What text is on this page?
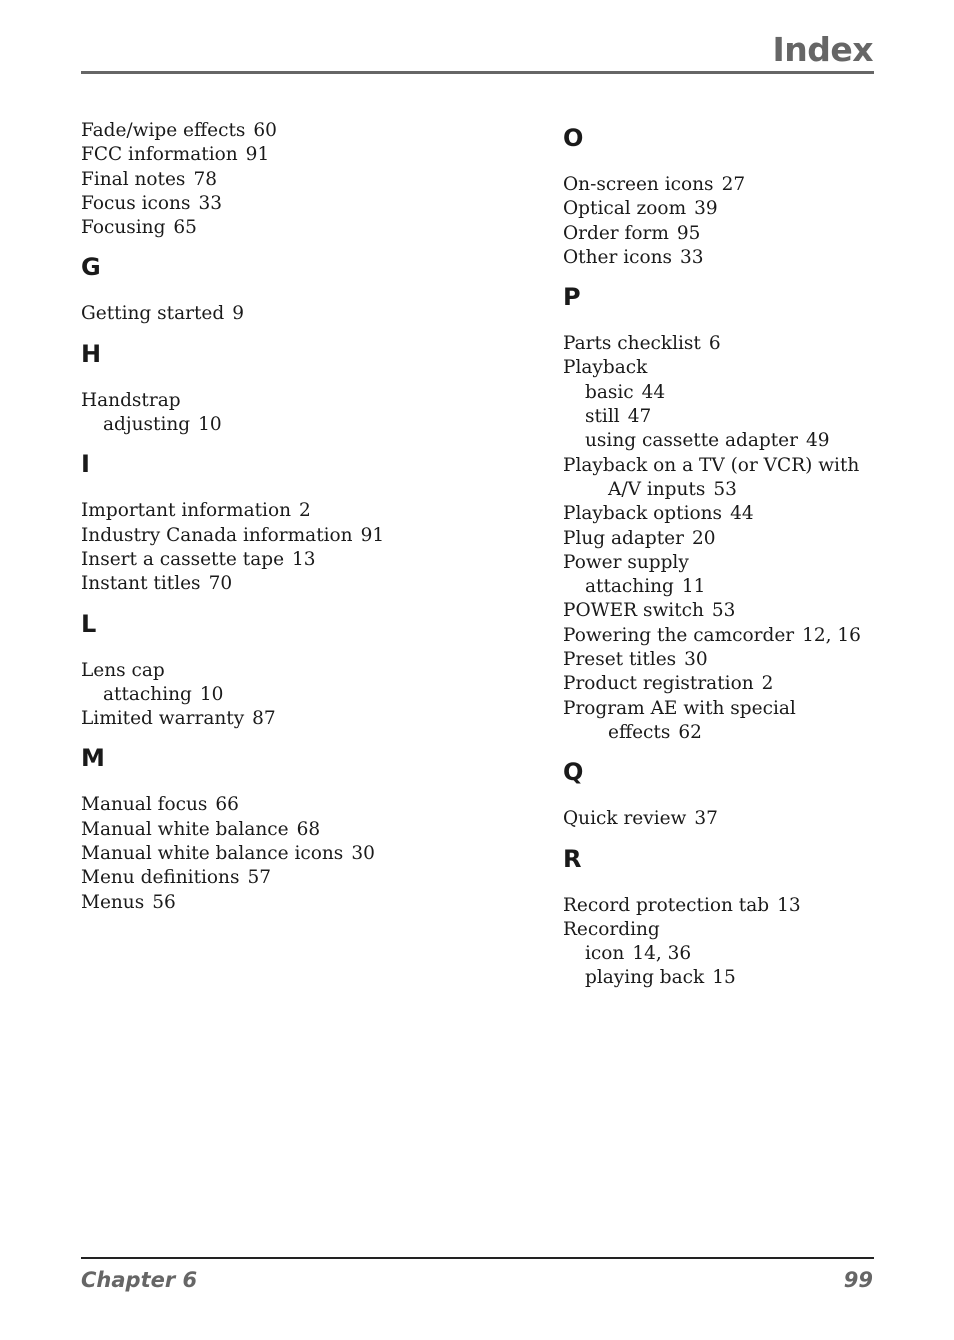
Index
Fade/wipe effects 60
FCC information 91
Final notes 78
Focus icons 33
Focusing 65
G
Getting started 9
H
Handstrap
adjusting 10
I
Important information 2
Industry Canada information 91
Insert a cassette tape 13
Instant titles 70
L
Lens cap
attaching 10
Limited warranty 87
M
Manual focus 66
Manual white balance 68
Manual white balance icons 30
Menu definitions 57
Menus 56
O
On-screen icons 27
Optical zoom 39
Order form 95
Other icons 33
P
Parts checklist 6
Playback
basic 44
still 47
using cassette adapter 49
Playback on a TV (or VCR) with
A/V inputs 53
Playback options 44
Plug adapter 20
Power supply
attaching 11
POWER switch 53
Powering the camcorder 12, 16
Preset titles 30
Product registration 2
Program AE with special
effects 62
Q
Quick review 37
R
Record protection tab 13
Recording
icon 14, 36
playing back 15
Chapter 6	99
